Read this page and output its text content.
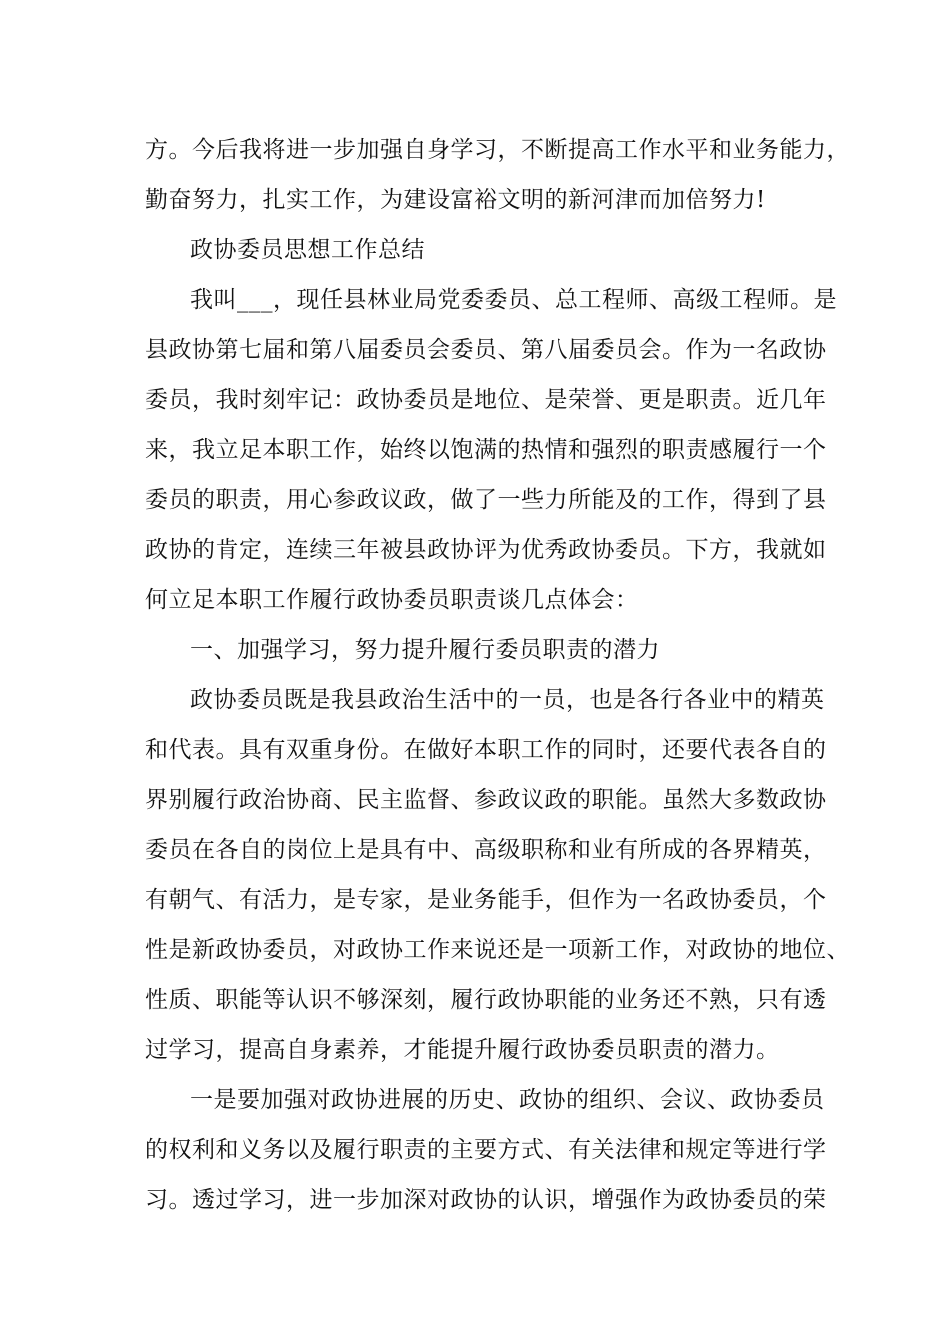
方。今后我将进一步加强自身学习，不断提高工作水平和业务能力，
勤奋努力，扎实工作，为建设富裕文明的新河津而加倍努力!
政协委员思想工作总结
我叫___，现任县林业局党委委员、总工程师、高级工程师。是
县政协第七届和第八届委员会委员、第八届委员会。作为一名政协
委员，我时刻牢记：政协委员是地位、是荣誉、更是职责。近几年
来，我立足本职工作，始终以饱满的热情和强烈的职责感履行一个
委员的职责，用心参政议政，做了一些力所能及的工作，得到了县
政协的肯定，连续三年被县政协评为优秀政协委员。下方，我就如
何立足本职工作履行政协委员职责谈几点体会：
一、加强学习，努力提升履行委员职责的潜力
政协委员既是我县政治生活中的一员，也是各行各业中的精英
和代表。具有双重身份。在做好本职工作的同时，还要代表各自的
界别履行政治协商、民主监督、参政议政的职能。虽然大多数政协
委员在各自的岗位上是具有中、高级职称和业有所成的各界精英，
有朝气、有活力，是专家，是业务能手，但作为一名政协委员，个
性是新政协委员，对政协工作来说还是一项新工作，对政协的地位、
性质、职能等认识不够深刻，履行政协职能的业务还不熟，只有透
过学习，提高自身素养，才能提升履行政协委员职责的潜力。
一是要加强对政协进展的历史、政协的组织、会议、政协委员
的权利和义务以及履行职责的主要方式、有关法律和规定等进行学
习。透过学习，进一步加深对政协的认识，增强作为政协委员的荣
